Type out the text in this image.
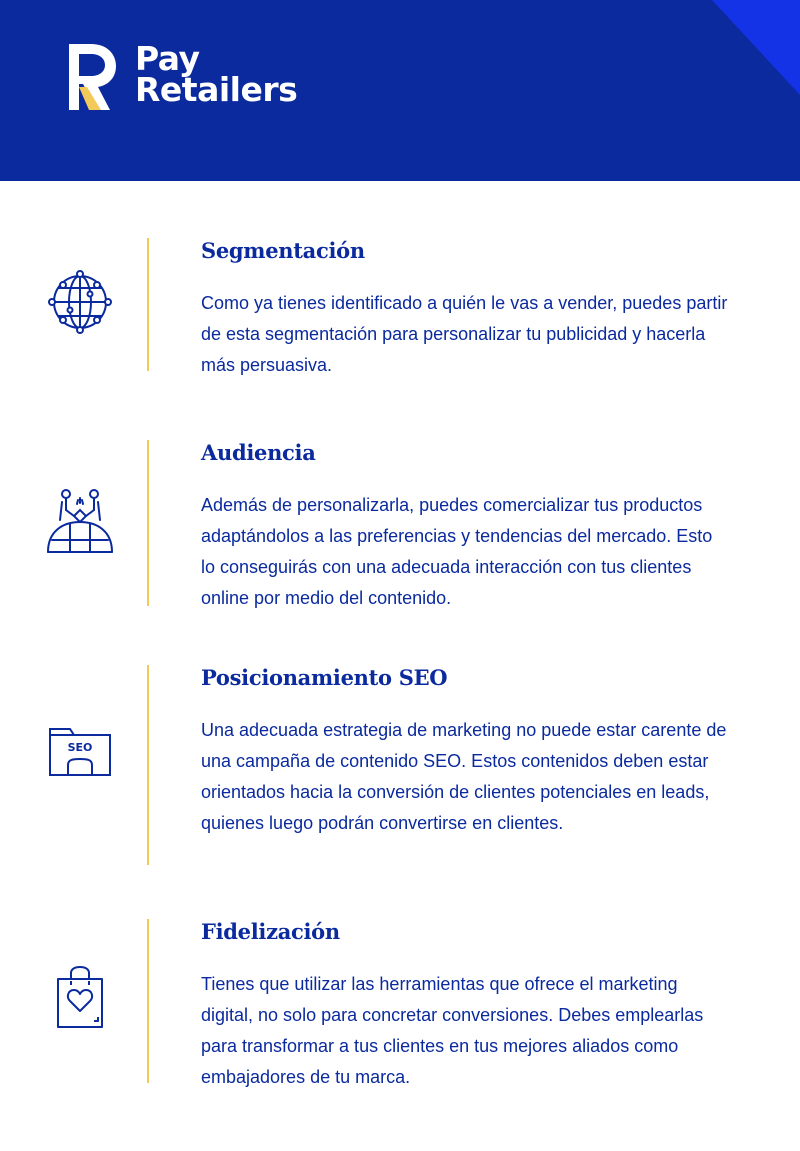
Pay
Retailers
Segmentación

Como ya tienes identificado a quién le vas a vender, puedes partir de esta segmentación para personalizar tu publicidad y hacerla más persuasiva.

Audiencia

Además de personalizarla, puedes comercializar tus productos adaptándolos a las preferencias y tendencias del mercado. Esto lo conseguirás con una adecuada interacción con tus clientes online por medio del contenido.

SEO
Posicionamiento SEO

Una adecuada estrategia de marketing no puede estar carente de una campaña de contenido SEO. Estos contenidos deben estar orientados hacia la conversión de clientes potenciales en leads, quienes luego podrán convertirse en clientes.

Fidelización

Tienes que utilizar las herramientas que ofrece el marketing digital, no solo para concretar conversiones. Debes emplearlas para transformar a tus clientes en tus mejores aliados como embajadores de tu marca.
